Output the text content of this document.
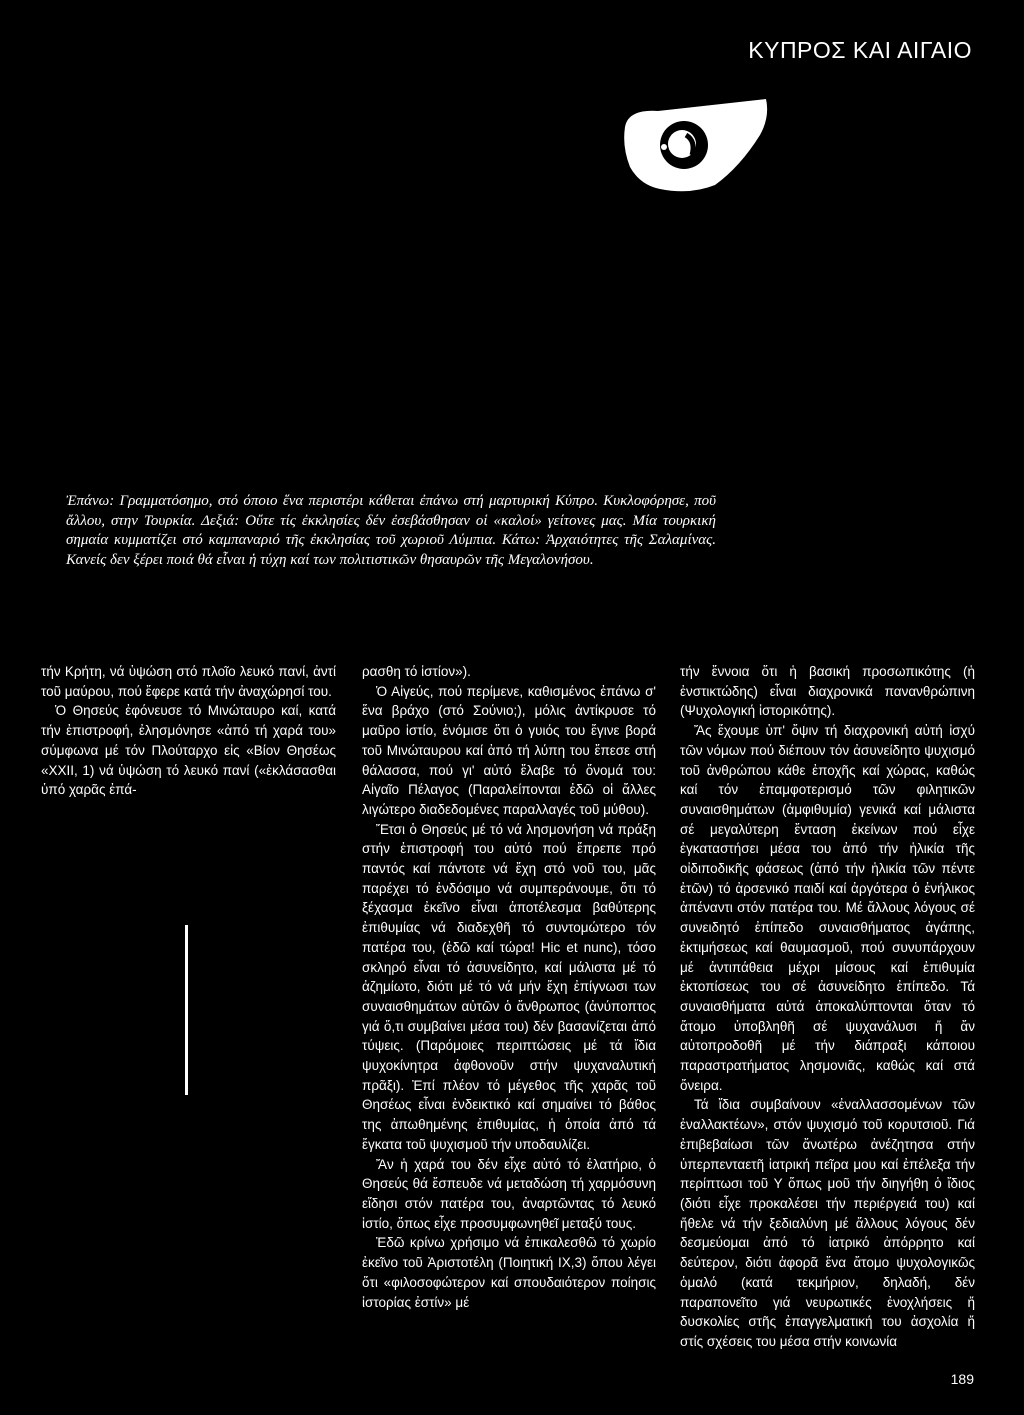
ΚΥΠΡΟΣ ΚΑΙ ΑΙΓΑΙΟ
Ἐπάνω: Γραμματόσημο, στό όποιο ἕνα περιστέρι κάθεται ἐπάνω στή μαρτυρική Κύπρο. Κυκλοφόρησε, ποῦ ἄλλου, στην Τουρκία. Δεξιά: Οὔτε τίς ἐκκλησίες δέν ἐσεβάσθησαν οἱ «καλοί» γείτονες μας. Μία τουρκική σημαία κυμματίζει στό καμπαναριό τῆς ἐκκλησίας τοῦ χωριοῦ Λύμπια. Κάτω: Ἀρχαιότητες τῆς Σαλαμίνας. Κανείς δεν ξέρει ποιά θά εἶναι ἡ τύχη καί των πολιτιστικῶν θησαυρῶν τῆς Μεγαλονήσου.

τήν Κρήτη, νά ὑψώση στό πλοῖο λευκό πανί, ἀντί τοῦ μαύρου, πού ἔφερε κατά τήν ἀναχώρησί του.

Ὁ Θησεύς ἐφόνευσε τό Μινώταυρο καί, κατά τήν ἐπιστροφή, ἐλησμόνησε «ἀπό τή χαρά του» σύμφωνα μέ τόν Πλούταρχο εἰς «Βίον Θησέως «ΧΧΙΙ, 1) νά ὑψώση τό λευκό πανί («ἐκλάσασθαι ὑπό χαρᾶς ἐπά-

ρασθη τό ἱστίον»).

Ὁ Αἰγεύς, πού περίμενε, καθισμένος ἐπάνω σ' ἕνα βράχο (στό Σούνιο;), μόλις ἀντίκρυσε τό μαῦρο ἱστίο, ἐνόμισε ὅτι ὁ γυιός του ἔγινε βορά τοῦ Μινώταυρου καί ἀπό τή λύπη του ἔπεσε στή θάλασσα, πού γι' αὐτό ἔλαβε τό ὄνομά του: Αἰγαῖο Πέλαγος (Παραλείπονται ἐδῶ οἱ ἄλλες λιγώτερο διαδεδομένες παραλλαγές τοῦ μύθου).

Ἔτσι ὁ Θησεύς μέ τό νά λησμονήση νά πράξη στήν ἐπιστροφή του αὐτό πού ἔπρεπε πρό παντός καί πάντοτε νά ἔχη στό νοῦ του, μᾶς παρέχει τό ἐνδόσιμο νά συμπεράνουμε, ὅτι τό ξέχασμα ἐκεῖνο εἶναι ἀποτέλεσμα βαθύτερης ἐπιθυμίας νά διαδεχθῆ τό συντομώτερο τόν πατέρα του, (ἐδῶ καί τώρα! Hic et nunc), τόσο σκληρό εἶναι τό ἀσυνείδητο, καί μάλιστα μέ τό ἀζημίωτο, διότι μέ τό νά μήν ἔχη ἐπίγνωσι των συναισθημάτων αὐτῶν ὁ ἄνθρωπος (ἀνύποπτος γιά ὅ,τι συμβαίνει μέσα του) δέν βασανίζεται ἀπό τύψεις. (Παρόμοιες περιπτώσεις μέ τά ἴδια ψυχοκίνητρα ἀφθονοῦν στήν ψυχαναλυτική πρᾶξι). Ἐπί πλέον τό μέγεθος τῆς χαρᾶς τοῦ Θησέως εἶναι ἐνδεικτικό καί σημαίνει τό βάθος της ἀπωθημένης ἐπιθυμίας, ἡ ὁποία ἀπό τά ἔγκατα τοῦ ψυχισμοῦ τήν υποδαυλίζει.

Ἄν ἡ χαρά του δέν εἶχε αὐτό τό ἐλατήριο, ὁ Θησεύς θά ἔσπευδε νά μεταδώση τή χαρμόσυνη εἴδησι στόν πατέρα του, ἀναρτῶντας τό λευκό ἱστίο, ὅπως εἶχε προσυμφωνηθεῖ μεταξύ τους.

Ἐδῶ κρίνω χρήσιμο νά ἐπικαλεσθῶ τό χωρίο ἐκεῖνο τοῦ Ἀριστοτέλη (Ποιητική ΙΧ,3) ὅπου λέγει ὅτι «φιλοσοφώτερον καί σπουδαιότερον ποίησις ἱστορίας ἐστίν» μέ

τήν ἔννοια ὅτι ἡ βασική προσωπικότης (ἡ ἐνστικτώδης) εἶναι διαχρονικά πανανθρώπινη (Ψυχολογική ἱστορικότης).

Ἄς ἔχουμε ὑπ' ὄψιν τή διαχρονική αὐτή ἰσχύ τῶν νόμων πού διέπουν τόν ἀσυνείδητο ψυχισμό τοῦ ἀνθρώπου κάθε ἐποχῆς καί χώρας, καθώς καί τόν ἐπαμφοτερισμό τῶν φιλητικῶν συναισθημάτων (ἀμφιθυμία) γενικά καί μάλιστα σέ μεγαλύτερη ἔνταση ἐκείνων πού εἶχε ἐγκαταστήσει μέσα του ἀπό τήν ἡλικία τῆς οἰδιποδικῆς φάσεως (ἀπό τήν ἡλικία τῶν πέντε ἐτῶν) τό ἀρσενικό παιδί καί ἀργότερα ὁ ἐνήλικος ἀπέναντι στόν πατέρα του. Μέ ἄλλους λόγους σέ συνειδητό ἐπίπεδο συναισθήματος ἀγάπης, ἐκτιμήσεως καί θαυμασμοῦ, πού συνυπάρχουν μέ ἀντιπάθεια μέχρι μίσους καί ἐπιθυμία ἐκτοπίσεως του σέ ἀσυνείδητο ἐπίπεδο. Τά συναισθήματα αὐτά ἀποκαλύπτονται ὅταν τό ἄτομο ὑποβληθῆ σέ ψυχανάλυσι ἤ ἄν αὐτοπροδοθῆ μέ τήν διάπραξι κάποιου παραστρατήματος λησμονιᾶς, καθώς καί στά ὄνειρα.

Τά ἴδια συμβαίνουν «ἐναλλασσομένων τῶν ἐναλλακτέων», στόν ψυχισμό τοῦ κορυτσιοῦ. Γιά ἐπιβεβαίωσι τῶν ἄνωτέρω ἀνέζητησα στήν ὑπερπενταετῆ ἰατρική πεῖρα μου καί ἐπέλεξα τήν περίπτωσι τοῦ Υ ὅπως μοῦ τήν διηγήθη ὁ ἴδιος (διότι εἶχε προκαλέσει τήν περιέργειά του) καί ἤθελε νά τήν ξεδιαλύνη μέ ἄλλους λόγους δέν δεσμεύομαι ἀπό τό ἰατρικό ἀπόρρητο καί δεύτερον, διότι ἀφορᾶ ἕνα ἄτομο ψυχολογικῶς ὁμαλό (κατά τεκμήριον, δηλαδή, δέν παραπονεῖτο γιά νευρωτικές ἐνοχλήσεις ἤ δυσκολίες στῆς ἐπαγγελματική του ἀσχολία ἤ στίς σχέσεις του μέσα στήν κοινωνία

189
